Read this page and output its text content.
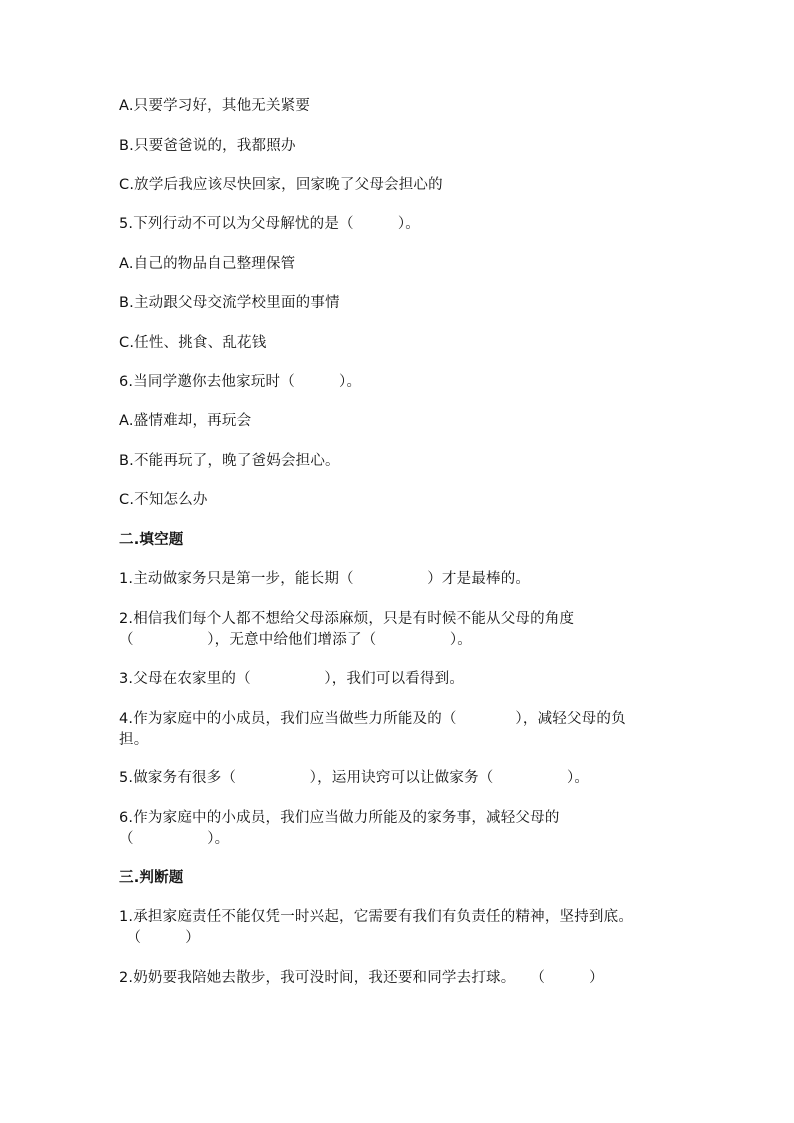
A.只要学习好，其他无关紧要
B.只要爸爸说的，我都照办
C.放学后我应该尽快回家，回家晚了父母会担心的
5.下列行动不可以为父母解忧的是（　　　）。
A.自己的物品自己整理保管
B.主动跟父母交流学校里面的事情
C.任性、挑食、乱花钱
6.当同学邀你去他家玩时（　　　）。
A.盛情难却，再玩会
B.不能再玩了，晚了爸妈会担心。
C.不知怎么办
二.填空题
1.主动做家务只是第一步，能长期（　　　　　）才是最棒的。
2.相信我们每个人都不想给父母添麻烦，只是有时候不能从父母的角度
（　　　　　），无意中给他们增添了（　　　　　）。
3.父母在农家里的（　　　　　），我们可以看得到。
4.作为家庭中的小成员，我们应当做些力所能及的（　　　　），减轻父母的负
担。
5.做家务有很多（　　　　　），运用诀窍可以让做家务（　　　　　）。
6.作为家庭中的小成员，我们应当做力所能及的家务事，减轻父母的
（　　　　　）。
三.判断题
1.承担家庭责任不能仅凭一时兴起，它需要有我们有负责任的精神，坚持到底。
　（　　　）
2.奶奶要我陪她去散步，我可没时间，我还要和同学去打球。　　（　　　）
